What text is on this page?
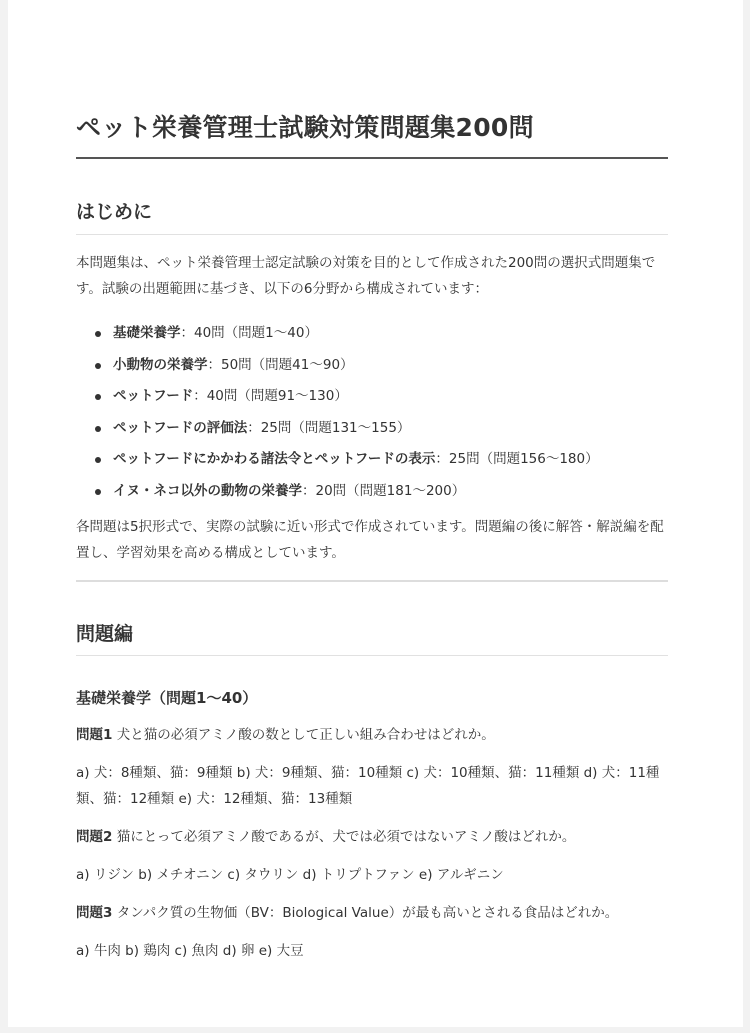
ペット栄養管理士試験対策問題集200問
はじめに

本問題集は、ペット栄養管理士認定試験の対策を目的として作成された200問の選択式問題集です。試験の出題範囲に基づき、以下の6分野から構成されています：

基礎栄養学：40問（問題1〜40）
小動物の栄養学：50問（問題41〜90）
ペットフード：40問（問題91〜130）
ペットフードの評価法：25問（問題131〜155）
ペットフードにかかわる諸法令とペットフードの表示：25問（問題156〜180）
イヌ・ネコ以外の動物の栄養学：20問（問題181〜200）

各問題は5択形式で、実際の試験に近い形式で作成されています。問題編の後に解答・解説編を配置し、学習効果を高める構成としています。

問題編
基礎栄養学（問題1〜40）

問題1 犬と猫の必須アミノ酸の数として正しい組み合わせはどれか。

a) 犬：8種類、猫：9種類 b) 犬：9種類、猫：10種類 c) 犬：10種類、猫：11種類 d) 犬：11種類、猫：12種類 e) 犬：12種類、猫：13種類

問題2 猫にとって必須アミノ酸であるが、犬では必須ではないアミノ酸はどれか。

a) リジン b) メチオニン c) タウリン d) トリプトファン e) アルギニン

問題3 タンパク質の生物価（BV：Biological Value）が最も高いとされる食品はどれか。

a) 牛肉 b) 鶏肉 c) 魚肉 d) 卵 e) 大豆
